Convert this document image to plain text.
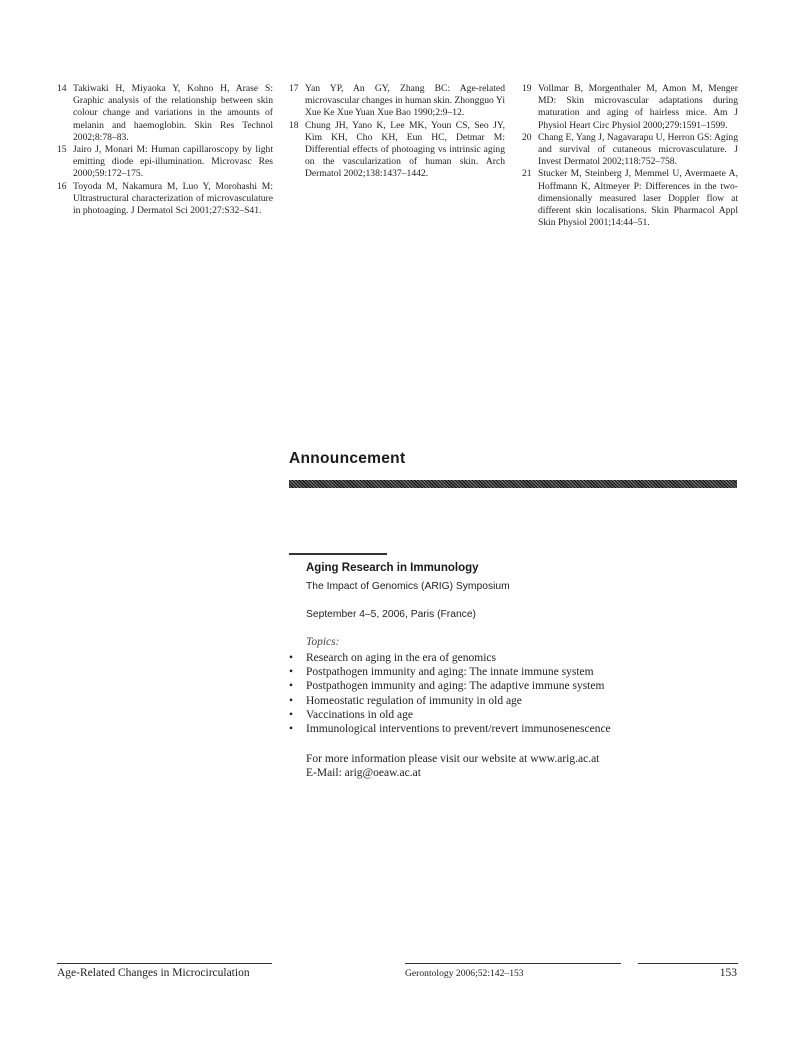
14 Takiwaki H, Miyaoka Y, Kohno H, Arase S: Graphic analysis of the relationship between skin colour change and variations in the amounts of melanin and haemoglobin. Skin Res Technol 2002;8:78–83.
15 Jairo J, Monari M: Human capillaroscopy by light emitting diode epi-illumination. Microvasc Res 2000;59:172–175.
16 Toyoda M, Nakamura M, Luo Y, Morohashi M: Ultrastructural characterization of microvasculature in photoaging. J Dermatol Sci 2001;27:S32–S41.
17 Yan YP, An GY, Zhang BC: Age-related microvascular changes in human skin. Zhongguo Yi Xue Ke Xue Yuan Xue Bao 1990;2:9–12.
18 Chung JH, Yano K, Lee MK, Youn CS, Seo JY, Kim KH, Cho KH, Eun HC, Detmar M: Differential effects of photoaging vs intrinsic aging on the vascularization of human skin. Arch Dermatol 2002;138:1437–1442.
19 Vollmar B, Morgenthaler M, Amon M, Menger MD: Skin microvascular adaptations during maturation and aging of hairless mice. Am J Physiol Heart Circ Physiol 2000;279:1591–1599.
20 Chang E, Yang J, Nagavarapu U, Herron GS: Aging and survival of cutaneous microvasculature. J Invest Dermatol 2002;118:752–758.
21 Stucker M, Steinberg J, Memmel U, Avermaete A, Hoffmann K, Altmeyer P: Differences in the two-dimensionally measured laser Doppler flow at different skin localisations. Skin Pharmacol Appl Skin Physiol 2001;14:44–51.
Announcement
Aging Research in Immunology
The Impact of Genomics (ARIG) Symposium
September 4–5, 2006, Paris (France)
Topics:
•	Research on aging in the era of genomics
•	Postpathogen immunity and aging: The innate immune system
•	Postpathogen immunity and aging: The adaptive immune system
•	Homeostatic regulation of immunity in old age
•	Vaccinations in old age
•	Immunological interventions to prevent/revert immunosenescence
For more information please visit our website at www.arig.ac.at
E-Mail: arig@oeaw.ac.at
Age-Related Changes in Microcirculation	Gerontology 2006;52:142–153	153
